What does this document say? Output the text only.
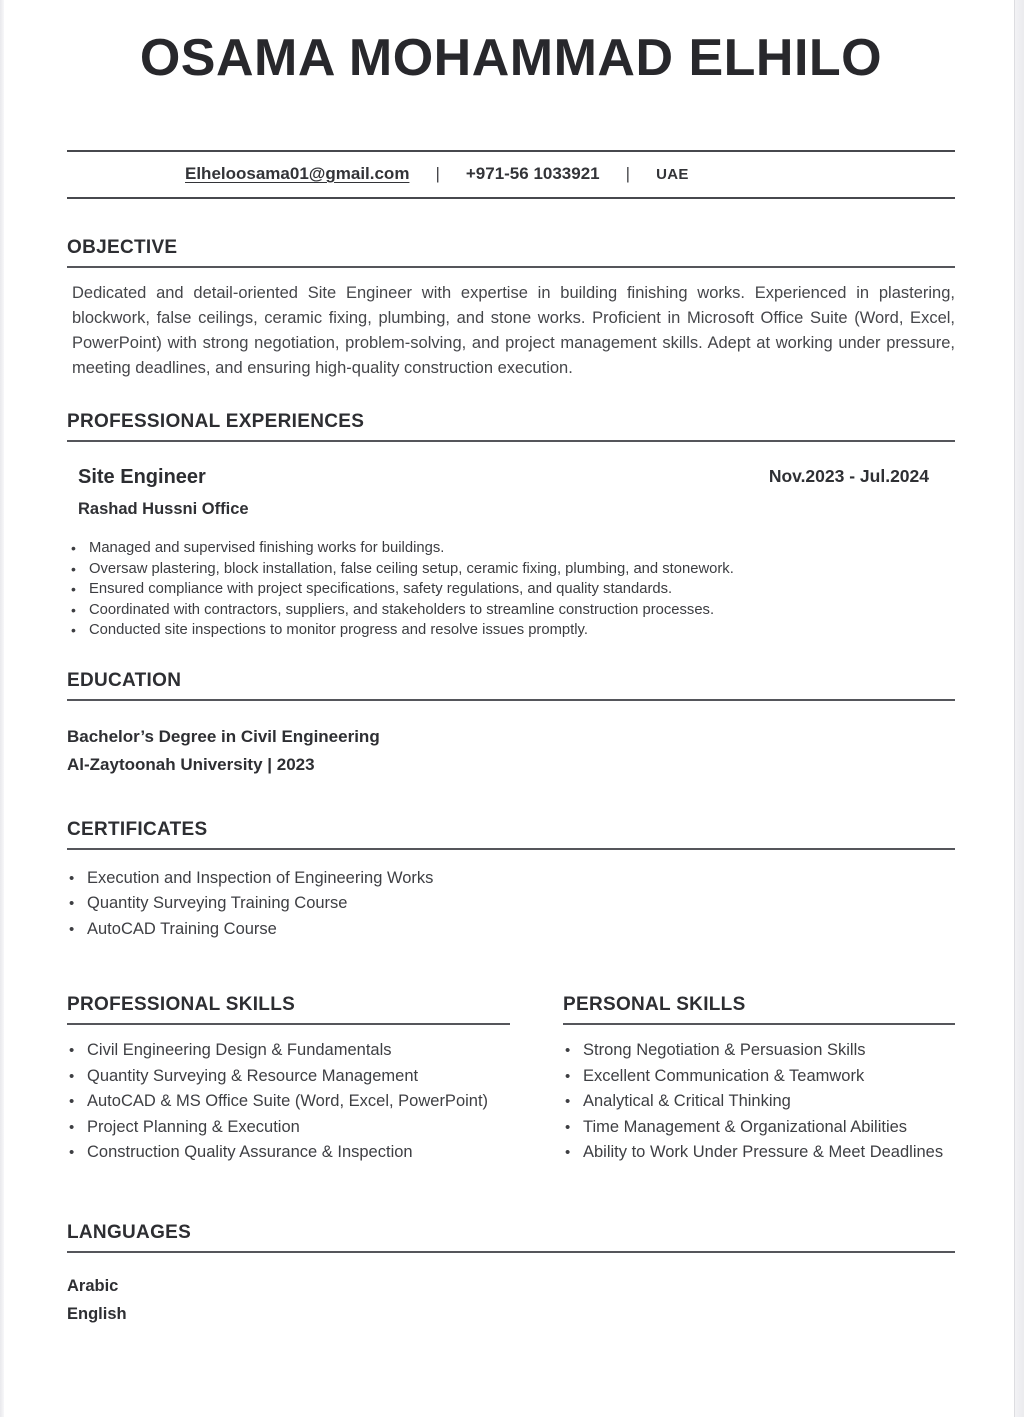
OSAMA MOHAMMAD ELHILO
Elheloosama01@gmail.com | +971-56 1033921 | UAE
OBJECTIVE

Dedicated and detail-oriented Site Engineer with expertise in building finishing works. Experienced in plastering, blockwork, false ceilings, ceramic fixing, plumbing, and stone works. Proficient in Microsoft Office Suite (Word, Excel, PowerPoint) with strong negotiation, problem-solving, and project management skills. Adept at working under pressure, meeting deadlines, and ensuring high-quality construction execution.

PROFESSIONAL EXPERIENCES
Site Engineer
Rashad Hussni Office
Nov.2023 - Jul.2024
• Managed and supervised finishing works for buildings.
• Oversaw plastering, block installation, false ceiling setup, ceramic fixing, plumbing, and stonework.
• Ensured compliance with project specifications, safety regulations, and quality standards.
• Coordinated with contractors, suppliers, and stakeholders to streamline construction processes.
• Conducted site inspections to monitor progress and resolve issues promptly.
EDUCATION
Bachelor’s Degree in Civil Engineering
Al-Zaytoonah University | 2023
CERTIFICATES
• Execution and Inspection of Engineering Works
• Quantity Surveying Training Course
• AutoCAD Training Course
PROFESSIONAL SKILLS
• Civil Engineering Design & Fundamentals
• Quantity Surveying & Resource Management
• AutoCAD & MS Office Suite (Word, Excel, PowerPoint)
• Project Planning & Execution
• Construction Quality Assurance & Inspection
PERSONAL SKILLS
• Strong Negotiation & Persuasion Skills
• Excellent Communication & Teamwork
• Analytical & Critical Thinking
• Time Management & Organizational Abilities
• Ability to Work Under Pressure & Meet Deadlines
LANGUAGES
Arabic
English
